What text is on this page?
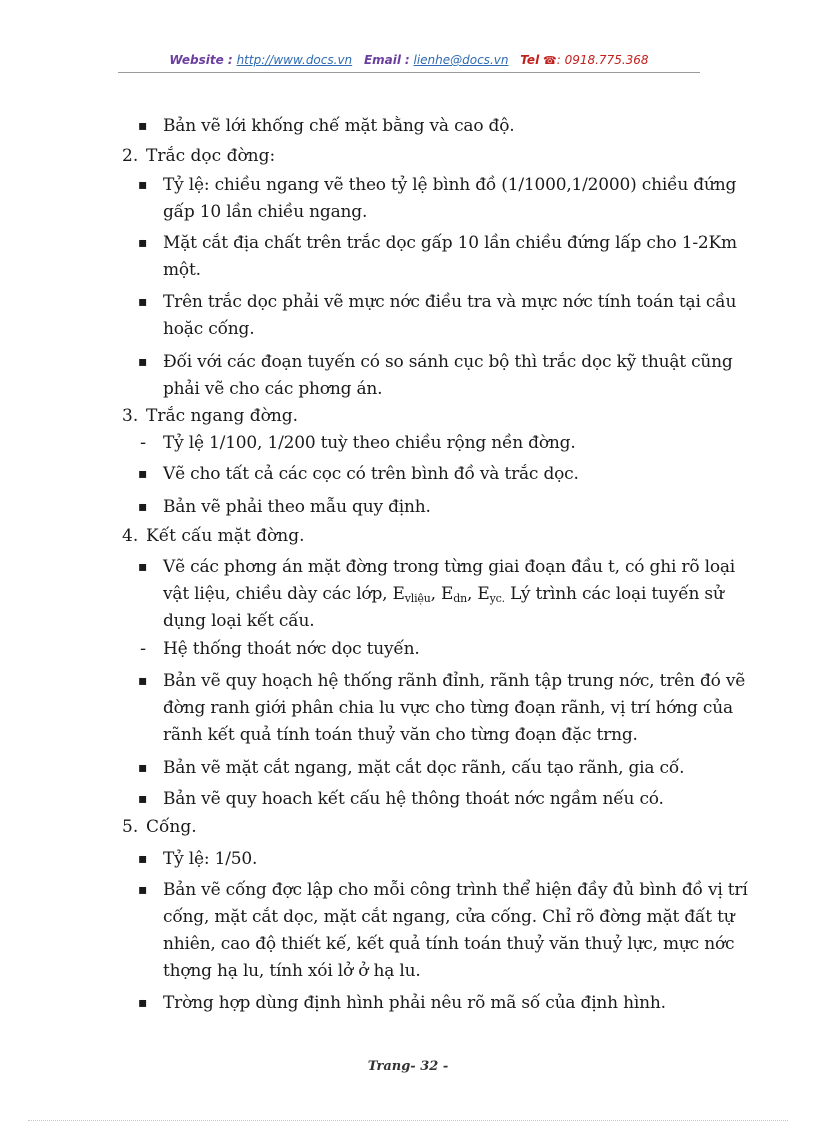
Website : http://www.docs.vn Email : lienhe@docs.vn Tel ☎: 0918.775.368
▪ Bản vẽ lới khống chế mặt bằng và cao độ.
2. Trắc dọc đờng:
▪ Tỷ lệ: chiều ngang vẽ theo tỷ lệ bình đồ (1/1000,1/2000) chiều đứng
gấp 10 lần chiều ngang.
▪ Mặt cắt địa chất trên trắc dọc gấp 10 lần chiều đứng lấp cho 1-2Km
một.
▪ Trên trắc dọc phải vẽ mực nớc điều tra và mực nớc tính toán tại cầu
hoặc cống.
▪ Đối với các đoạn tuyến có so sánh cục bộ thì trắc dọc kỹ thuật cũng
phải vẽ cho các phơng án.
3. Trắc ngang đờng.
- Tỷ lệ 1/100, 1/200 tuỳ theo chiều rộng nền đờng.
▪ Vẽ cho tất cả các cọc có trên bình đồ và trắc dọc.
▪ Bản vẽ phải theo mẫu quy định.
4. Kết cấu mặt đờng.
▪ Vẽ các phơng án mặt đờng trong từng giai đoạn đầu t, có ghi rõ loại
vật liệu, chiều dày các lớp, $E_{vliệu}$, $E_{dn}$, $E_{yc.}$ Lý trình các loại tuyến sử
dụng loại kết cấu.
- Hệ thống thoát nớc dọc tuyến.
▪ Bản vẽ quy hoạch hệ thống rãnh đỉnh, rãnh tập trung nớc, trên đó vẽ
đờng ranh giới phân chia lu vực cho từng đoạn rãnh, vị trí hớng của
rãnh kết quả tính toán thuỷ văn cho từng đoạn đặc trng.
▪ Bản vẽ mặt cắt ngang, mặt cắt dọc rãnh, cấu tạo rãnh, gia cố.
▪ Bản vẽ quy hoach kết cấu hệ thông thoát nớc ngầm nếu có.
5. Cống.
▪ Tỷ lệ: 1/50.
▪ Bản vẽ cống đợc lập cho mỗi công trình thể hiện đầy đủ bình đồ vị trí
cống, mặt cắt dọc, mặt cắt ngang, cửa cống. Chỉ rõ đờng mặt đất tự
nhiên, cao độ thiết kế, kết quả tính toán thuỷ văn thuỷ lực, mực nớc
thợng hạ lu, tính xói lở ở hạ lu.
▪ Trờng hợp dùng định hình phải nêu rõ mã số của định hình.
Trang- 32 -
